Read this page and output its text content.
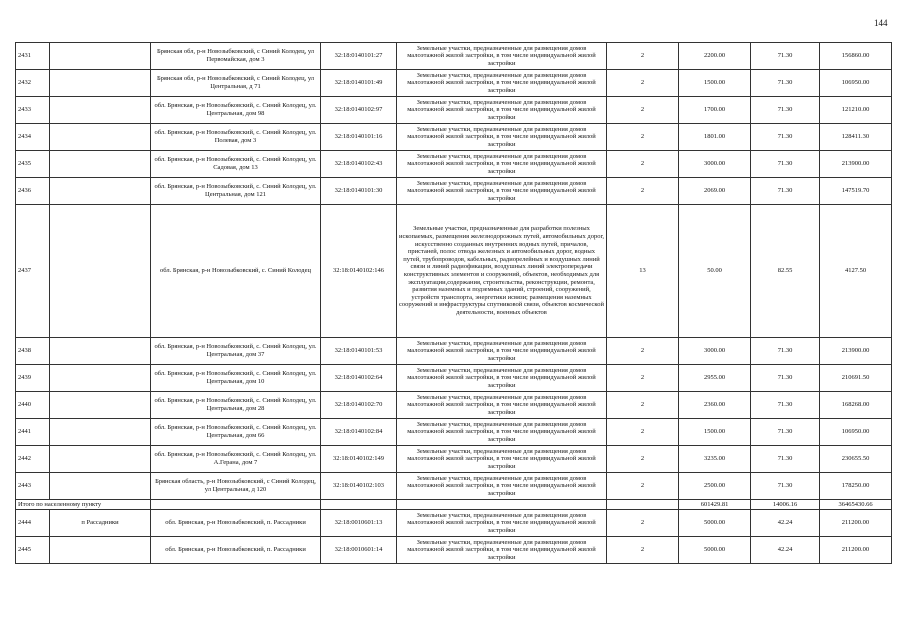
144
2431		Брянская обл, р-н Новозыбковский, с Синий Колодец, ул Первомайская, дом 3	32:18:0140101:27	Земельные участки, предназначенные для размещения домов малоэтажной жилой застройки, в том числе индивидуальной жилой застройки	2	2200.00	71.30	156860.00
2432		Брянская обл, р-н Новозыбковский, с Синий Колодец, ул Центральная, д 71	32:18:0140101:49	Земельные участки, предназначенные для размещения домов малоэтажной жилой застройки, в том числе индивидуальной жилой застройки	2	1500.00	71.30	106950.00
2433		обл. Брянская, р-н Новозыбковский, с. Синий Колодец, ул. Центральная, дом 98	32:18:0140102:97	Земельные участки, предназначенные для размещения домов малоэтажной жилой застройки, в том числе индивидуальной жилой застройки	2	1700.00	71.30	121210.00
2434		обл. Брянская, р-н Новозыбковский, с. Синий Колодец, ул. Полевая, дом 3	32:18:0140101:16	Земельные участки, предназначенные для размещения домов малоэтажной жилой застройки, в том числе индивидуальной жилой застройки	2	1801.00	71.30	128411.30
2435		обл. Брянская, р-н Новозыбковский, с. Синий Колодец, ул. Садовая, дом 13	32:18:0140102:43	Земельные участки, предназначенные для размещения домов малоэтажной жилой застройки, в том числе индивидуальной жилой застройки	2	3000.00	71.30	213900.00
2436		обл. Брянская, р-н Новозыбковский, с. Синий Колодец, ул. Центральная, дом 121	32:18:0140101:30	Земельные участки, предназначенные для размещения домов малоэтажной жилой застройки, в том числе индивидуальной жилой застройки	2	2069.00	71.30	147519.70
2437		обл. Брянская, р-н Новозыбковский, с. Синий Колодец	32:18:0140102:146	Земельные участки, предназначенные для разработки полезных ископаемых, размещения железнодорожных путей, автомобильных дорог, искусственно созданных внутренних водных путей, причалов, пристаней, полос отвода железных и автомобильных дорог, водных путей, трубопроводов, кабельных, радиорелейных и воздушных линий связи и линий радиофикации, воздушных линий электропередачи конструктивных элементов и сооружений, объектов, необходимых для эксплуатации,содержания, строительства, реконструкции, ремонта, развития наземных и подземных зданий, строений, сооружений, устройств транспорта, энергетики исвязи; размещения наземных сооружений и инфраструктуры спутниковой связи, объектов космической деятельности, военных объектов	13	50.00	82.55	4127.50
2438		обл. Брянская, р-н Новозыбковский, с. Синий Колодец, ул. Центральная, дом 37	32:18:0140101:53	Земельные участки, предназначенные для размещения домов малоэтажной жилой застройки, в том числе индивидуальной жилой застройки	2	3000.00	71.30	213900.00
2439		обл. Брянская, р-н Новозыбковский, с. Синий Колодец, ул. Центральная, дом 10	32:18:0140102:64	Земельные участки, предназначенные для размещения домов малоэтажной жилой застройки, в том числе индивидуальной жилой застройки	2	2955.00	71.30	210691.50
2440		обл. Брянская, р-н Новозыбковский, с. Синий Колодец, ул. Центральная, дом 28	32:18:0140102:70	Земельные участки, предназначенные для размещения домов малоэтажной жилой застройки, в том числе индивидуальной жилой застройки	2	2360.00	71.30	168268.00
2441		обл. Брянская, р-н Новозыбковский, с. Синий Колодец, ул. Центральная, дом 66	32:18:0140102:84	Земельные участки, предназначенные для размещения домов малоэтажной жилой застройки, в том числе индивидуальной жилой застройки	2	1500.00	71.30	106950.00
2442		обл. Брянская, р-н Новозыбковский, с. Синий Колодец, ул. А.Герана, дом 7	32:18:0140102:149	Земельные участки, предназначенные для размещения домов малоэтажной жилой застройки, в том числе индивидуальной жилой застройки	2	3235.00	71.30	230655.50
2443		Брянская область, р-н Новозыбковский, с Синий Колодец, ул Центральная, д 120	32:18:0140102:103	Земельные участки, предназначенные для размещения домов малоэтажной жилой застройки, в том числе индивидуальной жилой застройки	2	2500.00	71.30	178250.00
Итого по населенному пункту						601429.81	14006.16	36465430.66
2444	п Рассадники	обл. Брянская, р-н Новозыбковский, п. Рассадники	32:18:0010601:13	Земельные участки, предназначенные для размещения домов малоэтажной жилой застройки, в том числе индивидуальной жилой застройки	2	5000.00	42.24	211200.00
2445		обл. Брянская, р-н Новозыбковский, п. Рассадники	32:18:0010601:14	Земельные участки, предназначенные для размещения домов малоэтажной жилой застройки, в том числе индивидуальной жилой застройки	2	5000.00	42.24	211200.00
